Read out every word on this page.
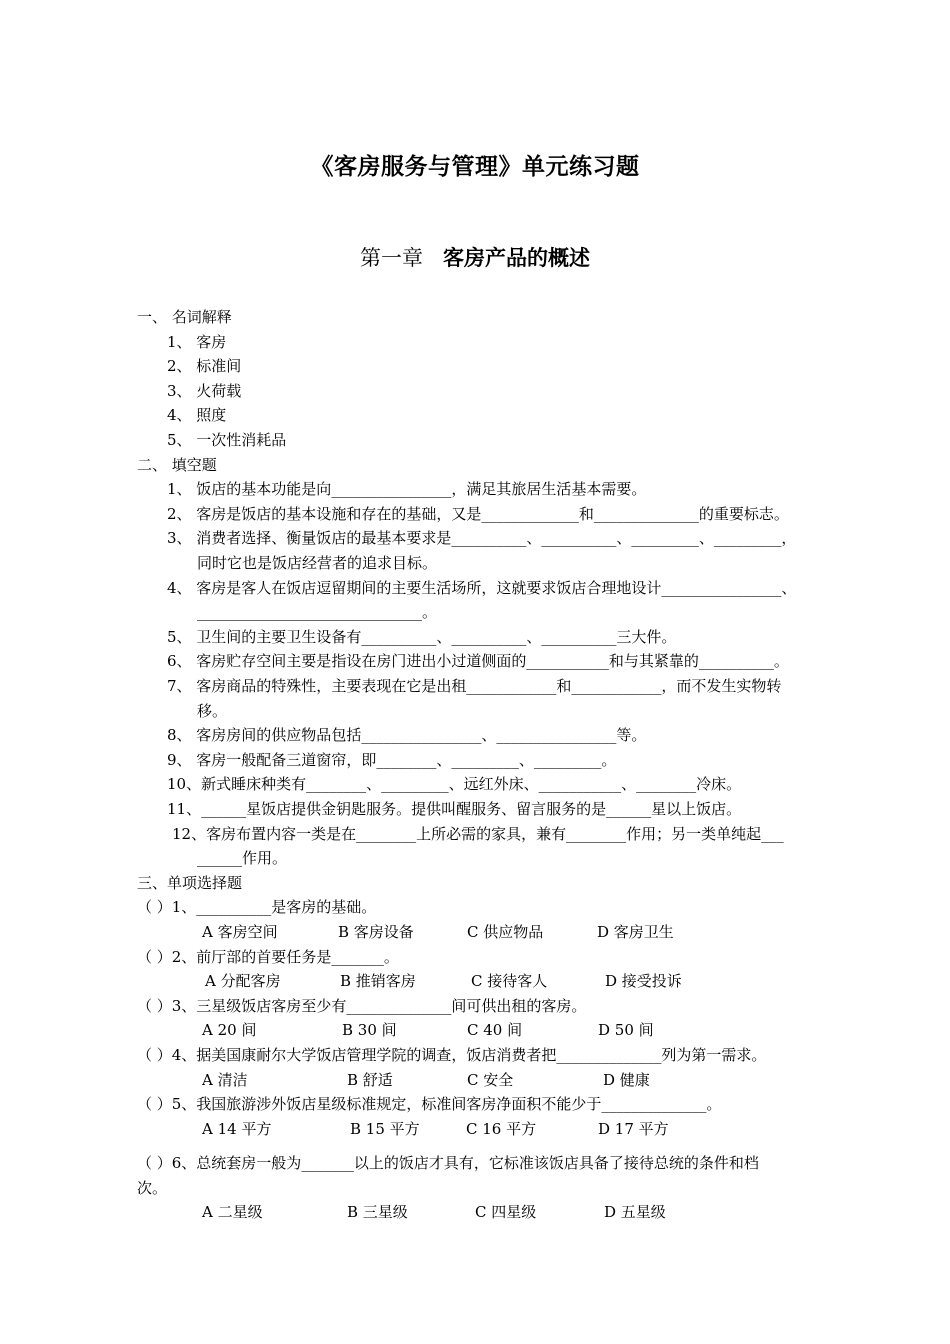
《客房服务与管理》单元练习题
第一章 客房产品的概述
一、 名词解释
1、 客房
2、 标准间
3、 火荷载
4、 照度
5、 一次性消耗品
二、 填空题
1、 饭店的基本功能是向________________，满足其旅居生活基本需要。
2、 客房是饭店的基本设施和存在的基础，又是_____________和______________的重要标志。
3、 消费者选择、衡量饭店的最基本要求是__________、__________、_________、_________，
同时它也是饭店经营者的追求目标。
4、 客房是客人在饭店逗留期间的主要生活场所，这就要求饭店合理地设计________________、
______________________________。
5、 卫生间的主要卫生设备有__________、__________、__________三大件。
6、 客房贮存空间主要是指设在房门进出小过道侧面的___________和与其紧靠的__________。
7、 客房商品的特殊性，主要表现在它是出租____________和____________，而不发生实物转
移。
8、 客房房间的供应物品包括________________、________________等。
9、 客房一般配备三道窗帘，即________、_________、_________。
10、新式睡床种类有________、_________、远红外床、___________、________冷床。
11、______星饭店提供金钥匙服务。提供叫醒服务、留言服务的是______星以上饭店。
12、客房布置内容一类是在________上所必需的家具，兼有________作用；另一类单纯起___
______作用。
三、单项选择题
（ ）1、__________是客房的基础。
A 客房空间	B 客房设备	C 供应物品	D 客房卫生
（ ）2、前厅部的首要任务是_______。
A 分配客房	B 推销客房	C 接待客人	D 接受投诉
（ ）3、三星级饭店客房至少有______________间可供出租的客房。
A 20 间	B 30 间	C 40 间	D 50 间
（ ）4、据美国康耐尔大学饭店管理学院的调查，饭店消费者把______________列为第一需求。
A 清洁	B 舒适	C 安全	D 健康
（ ）5、我国旅游涉外饭店星级标准规定，标准间客房净面积不能少于______________。
A 14 平方	B 15 平方	C 16 平方	D 17 平方
（ ）6、总统套房一般为_______以上的饭店才具有，它标准该饭店具备了接待总统的条件和档
次。
A 二星级	B 三星级	C 四星级	D 五星级
